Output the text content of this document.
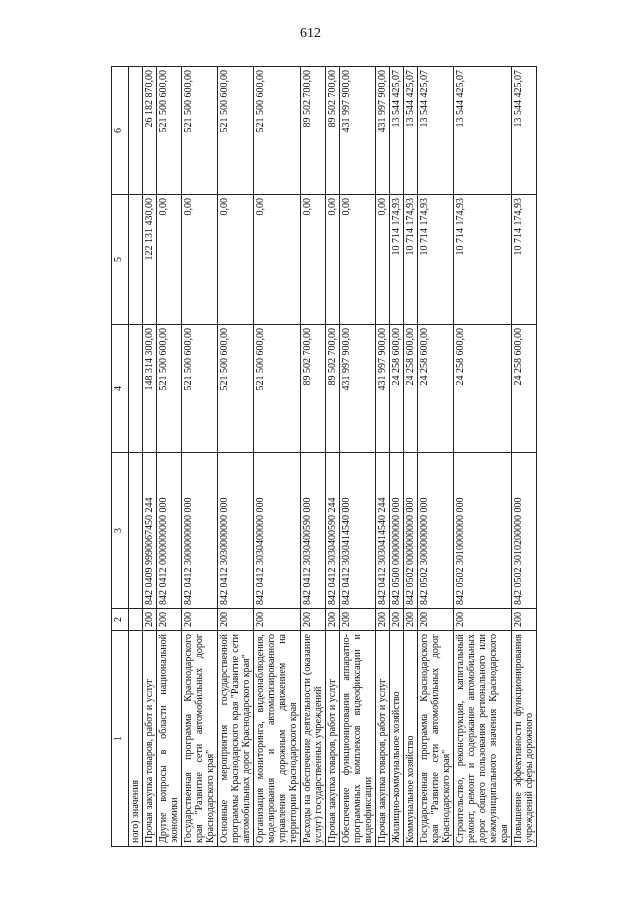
612
1	2	3	4	5	6
ного) значения					
Прочая закупка товаров, работ и услуг	200	842 0409 9990067450 244	148 314 300,00	122 131 430,00	26 182 870,00
Другие вопросы в области национальной экономики	200	842 0412 0000000000 000	521 500 600,00	0,00	521 500 600,00
Государственная программа Краснодарского края "Развитие сети автомобильных дорог Краснодарского края"	200	842 0412 3000000000 000	521 500 600,00	0,00	521 500 600,00
Основные мероприятия государственной программы Краснодарского края "Развитие сети автомобильных дорог Краснодарского края"	200	842 0412 3030000000 000	521 500 600,00	0,00	521 500 600,00
Организация мониторинга, видеонаблюдения, моделирования и автоматизированного управления дорожным движением на территории Краснодарского края	200	842 0412 3030400000 000	521 500 600,00	0,00	521 500 600,00
Расходы на обеспечение деятельности (оказание услуг) государственных учреждений	200	842 0412 3030400590 000	89 502 700,00	0,00	89 502 700,00
Прочая закупка товаров, работ и услуг	200	842 0412 3030400590 244	89 502 700,00	0,00	89 502 700,00
Обеспечение функционирования аппаратно-программных комплексов видеофиксации и видеофиксации	200	842 0412 3030414540 000	431 997 900,00	0,00	431 997 900,00
Прочая закупка товаров, работ и услуг	200	842 0412 3030414540 244	431 997 900,00	0,00	431 997 900,00
Жилищно-коммунальное хозяйство	200	842 0500 0000000000 000	24 258 600,00	10 714 174,93	13 544 425,07
Коммунальное хозяйство	200	842 0502 0000000000 000	24 258 600,00	10 714 174,93	13 544 425,07
Государственная программа Краснодарского края "Развитие сети автомобильных дорог Краснодарского края"	200	842 0502 3000000000 000	24 258 600,00	10 714 174,93	13 544 425,07
Строительство, реконструкция, капитальный ремонт, ремонт и содержание автомобильных дорог общего пользования регионального или межмуниципального значения Краснодарского края	200	842 0502 3010000000 000	24 258 600,00	10 714 174,93	13 544 425,07
Повышение эффективности функционирования учреждений сферы дорожного	200	842 0502 3010200000 000	24 258 600,00	10 714 174,93	13 544 425,07
